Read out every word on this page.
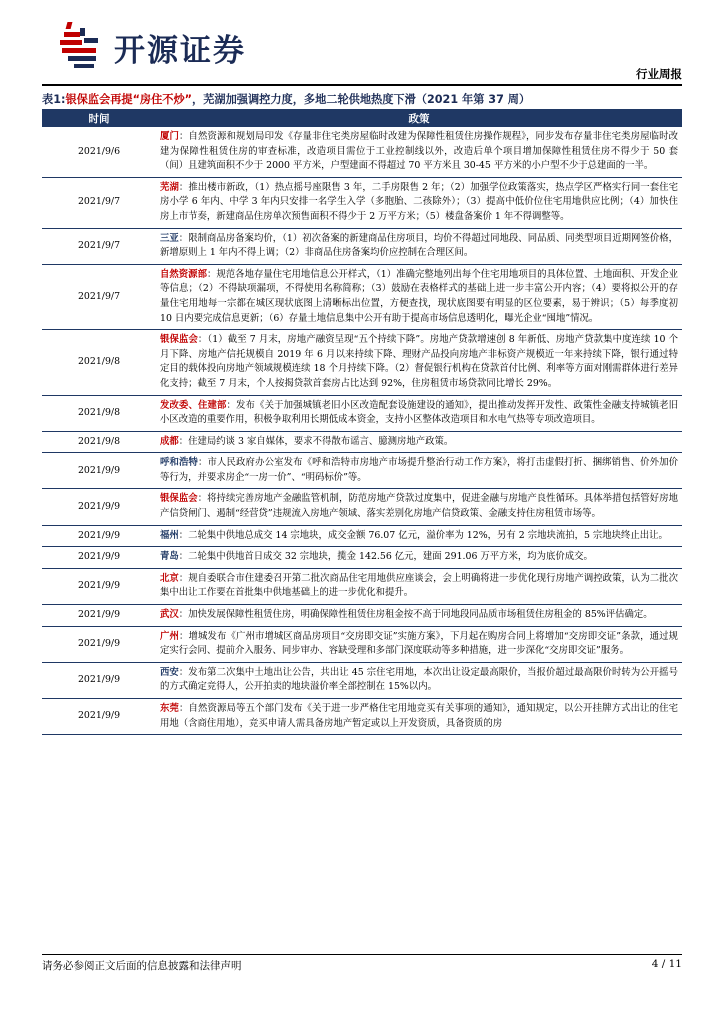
开源证券
行业周报
表1:银保监会再提“房住不炒”，芜湖加强调控力度，多地二轮供地热度下滑（2021 年第 37 周）
时间	政策
2021/9/6	厦门：自然资源和规划局印发《存量非住宅类房屋临时改建为保障性租赁住房操作规程》，同步发布存量非住宅类房屋临时改建为保障性租赁住房的审查标准，改造项目需位于工业控制线以外，改造后单个项目增加保障性租赁住房不得少于 50 套（间）且建筑面积不少于 2000 平方米，户型建面不得超过 70 平方米且 30-45 平方米的小户型不少于总建面的一半。
2021/9/7	芜湖：推出楼市新政，（1）热点摇号座限售 3 年，二手房限售 2 年；（2）加强学位政策落实，热点学区严格实行同一套住宅房小学 6 年内、中学 3 年内只安排一名学生入学（多胞胎、二孩除外）；（3）提高中低价位住宅用地供应比例；（4）加快住房上市节奏，新建商品住房单次预售面积不得少于 2 万平方米；（5）楼盘备案价 1 年不得调整等。
2021/9/7	三亚：限制商品房备案均价，（1）初次备案的新建商品住房项目，均价不得超过同地段、同品质、同类型项目近期网签价格，新增原则上 1 年内不得上调；（2）非商品住房备案均价应控制在合理区间。
2021/9/7	自然资源部：规范各地存量住宅用地信息公开样式，（1）准确完整地列出每个住宅用地项目的具体位置、土地面积、开发企业等信息；（2）不得缺项漏项，不得使用名称简称；（3）鼓励在表格样式的基础上进一步丰富公开内容；（4）要将拟公开的存量住宅用地每一宗都在城区现状底图上清晰标出位置，方便查找，现状底图要有明显的区位要素，易于辨识；（5）每季度初 10 日内要完成信息更新；（6）存量土地信息集中公开有助于提高市场信息透明化，曝光企业“囤地”情况。
2021/9/8	银保监会：（1）截至 7 月末，房地产融资呈现“五个持续下降”。房地产贷款增速创 8 年新低、房地产贷款集中度连续 10 个月下降、房地产信托规模自 2019 年 6 月以来持续下降、理财产品投向房地产非标资产规模近一年来持续下降，银行通过特定目的载体投向房地产领域规模连续 18 个月持续下降。（2）督促银行机构在贷款首付比例、利率等方面对刚需群体进行差异化支持；截至 7 月末，个人按揭贷款首套房占比达到 92%，住房租赁市场贷款同比增长 29%。
2021/9/8	发改委、住建部：发布《关于加强城镇老旧小区改造配套设施建设的通知》，提出推动发挥开发性、政策性金融支持城镇老旧小区改造的重要作用，积极争取利用长期低成本资金，支持小区整体改造项目和水电气热等专项改造项目。
2021/9/8	成都：住建局约谈 3 家自媒体，要求不得散布谣言、臆测房地产政策。
2021/9/9	呼和浩特：市人民政府办公室发布《呼和浩特市房地产市场提升整治行动工作方案》，将打击虚假打折、捆绑销售、价外加价等行为，并要求房企“一房一价”、“明码标价”等。
2021/9/9	银保监会：将持续完善房地产金融监管机制，防范房地产贷款过度集中，促进金融与房地产良性循环。具体举措包括管好房地产信贷闸门、遏制“经营贷”违规流入房地产领域、落实差别化房地产信贷政策、金融支持住房租赁市场等。
2021/9/9	福州：二轮集中供地总成交 14 宗地块，成交金额 76.07 亿元，溢价率为 12%，另有 2 宗地块流拍，5 宗地块终止出让。
2021/9/9	青岛：二轮集中供地首日成交 32 宗地块，揽金 142.56 亿元，建面 291.06 万平方米，均为底价成交。
2021/9/9	北京：规自委联合市住建委召开第二批次商品住宅用地供应座谈会，会上明确将进一步优化现行房地产调控政策，认为二批次集中出让工作要在首批集中供地基础上的进一步优化和提升。
2021/9/9	武汉：加快发展保障性租赁住房，明确保障性租赁住房租金按不高于同地段同品质市场租赁住房租金的 85%评估确定。
2021/9/9	广州：增城发布《广州市增城区商品房项目“交房即交证”实施方案》，下月起在购房合同上将增加“交房即交证”条款，通过规定实行会同、提前介入服务、同步审办、容缺受理和多部门深度联动等多种措施，进一步深化“交房即交证”服务。
2021/9/9	西安：发布第二次集中土地出让公告，共出让 45 宗住宅用地，本次出让设定最高限价，当报价超过最高限价时转为公开摇号的方式确定竞得人，公开拍卖的地块溢价率全部控制在 15%以内。
2021/9/9	东莞：自然资源局等五个部门发布《关于进一步严格住宅用地竞买有关事项的通知》，通知规定，以公开挂牌方式出让的住宅用地（含商住用地），竞买申请人需具备房地产暂定或以上开发资质，具备资质的房
请务必参阅正文后面的信息披露和法律声明	4 / 11
